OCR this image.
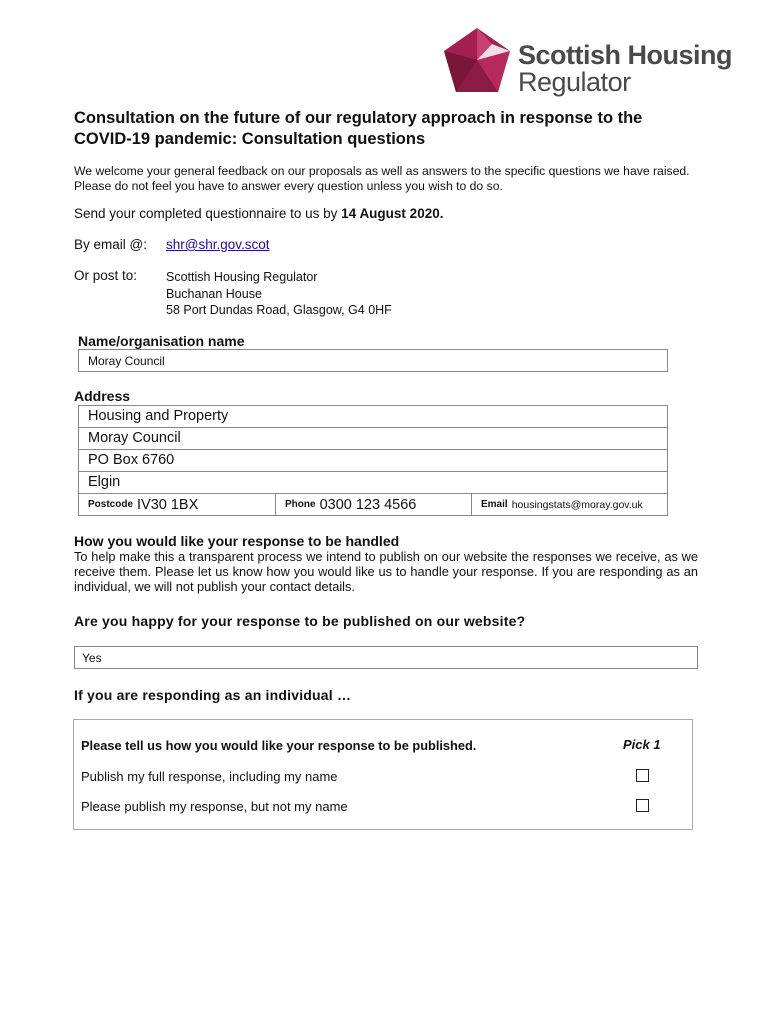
Scottish Housing
Regulator
Consultation on the future of our regulatory approach in response to the COVID-19 pandemic: Consultation questions
We welcome your general feedback on our proposals as well as answers to the specific questions we have raised. Please do not feel you have to answer every question unless you wish to do so.
Send your completed questionnaire to us by 14 August 2020.
By email @: shr@shr.gov.scot
Or post to: Scottish Housing Regulator
Buchanan House
58 Port Dundas Road, Glasgow, G4 0HF
Name/organisation name
Moray Council
Address
Housing and Property
Moray Council
PO Box 6760
Elgin
Postcode IV30 1BX	Phone 0300 123 4566	Email housingstats@moray.gov.uk
How you would like your response to be handled
To help make this a transparent process we intend to publish on our website the responses we receive, as we receive them. Please let us know how you would like us to handle your response. If you are responding as an individual, we will not publish your contact details.
Are you happy for your response to be published on our website?
Yes
If you are responding as an individual …
Please tell us how you would like your response to be published.	Pick 1
Publish my full response, including my name
Please publish my response, but not my name
